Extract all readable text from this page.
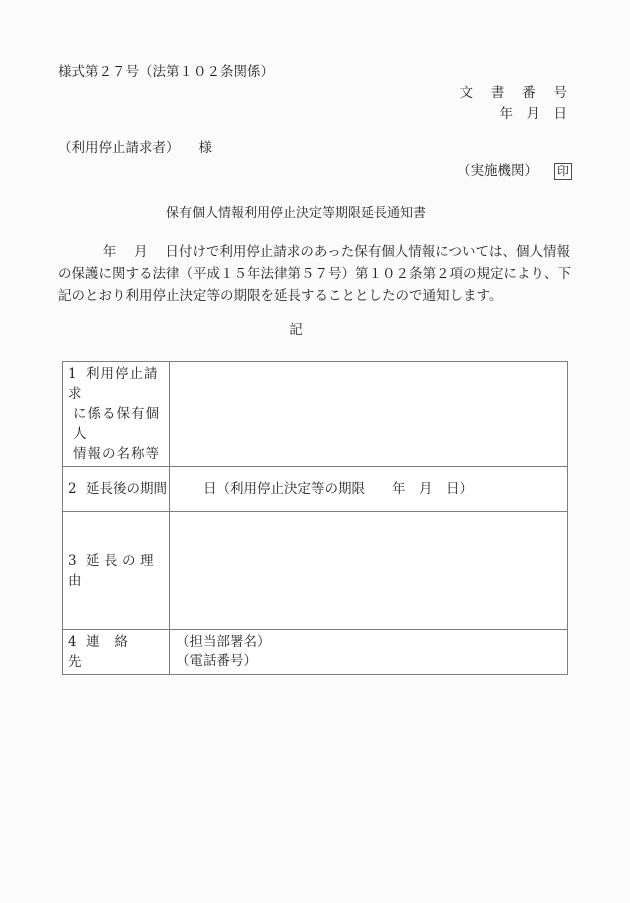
様式第２７号（法第１０２条関係）
文　 書　 番　 号
年　月　日
（利用停止請求者） 様
（実施機関） 印
保有個人情報利用停止決定等期限延長通知書
　　　 年　 月　 日付けで利用停止請求のあった保有個人情報については、個人情報
の保護に関する法律（平成１５年法律第５７号）第１０２条第２項の規定により、下
記のとおり利用停止決定等の期限を延長することとしたので通知します。
記
1 利用停止請求
に係る保有個人
情報の名称等	

2 延長後の期間	　　日（利用停止決定等の期限　　年　月　日）

3 延長の理由	

4 連絡先	（担当部署名）
（電話番号）
